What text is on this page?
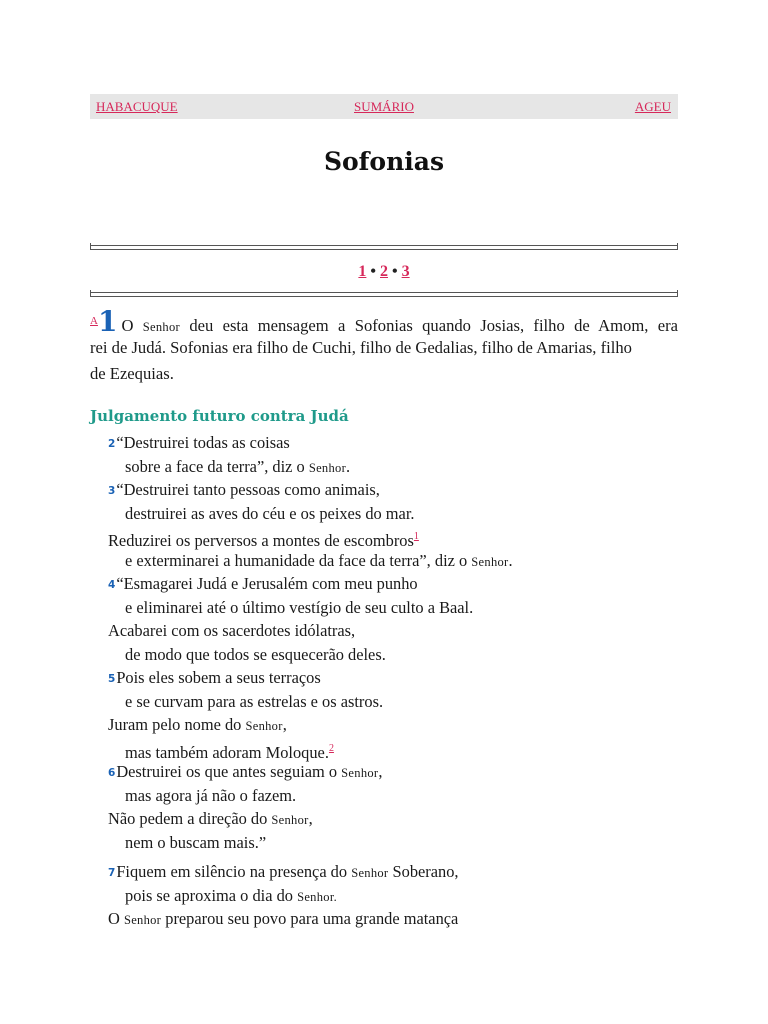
HABACUQUE	SUMÁRIO	AGEU
Sofonias
1 • 2 • 3
$^A$1 O Senhor deu esta mensagem a Sofonias quando Josias, filho de Amom, era
rei de Judá. Sofonias era filho de Cuchi, filho de Gedalias, filho de Amarias, filho
de Ezequias.
Julgamento futuro contra Judá
2“Destruirei todas as coisas
sobre a face da terra”, diz o Senhor.
3“Destruirei tanto pessoas como animais,
destruirei as aves do céu e os peixes do mar.
Reduzirei os perversos a montes de escombros$^1$
e exterminarei a humanidade da face da terra”, diz o Senhor.
4“Esmagarei Judá e Jerusalém com meu punho
e eliminarei até o último vestígio de seu culto a Baal.
Acabarei com os sacerdotes idólatras,
de modo que todos se esquecerão deles.
5Pois eles sobem a seus terraços
e se curvam para as estrelas e os astros.
Juram pelo nome do Senhor,
mas também adoram Moloque.$^2$
6Destruirei os que antes seguiam o Senhor,
mas agora já não o fazem.
Não pedem a direção do Senhor,
nem o buscam mais.”
7Fiquem em silêncio na presença do Senhor Soberano,
pois se aproxima o dia do Senhor.
O Senhor preparou seu povo para uma grande matança
